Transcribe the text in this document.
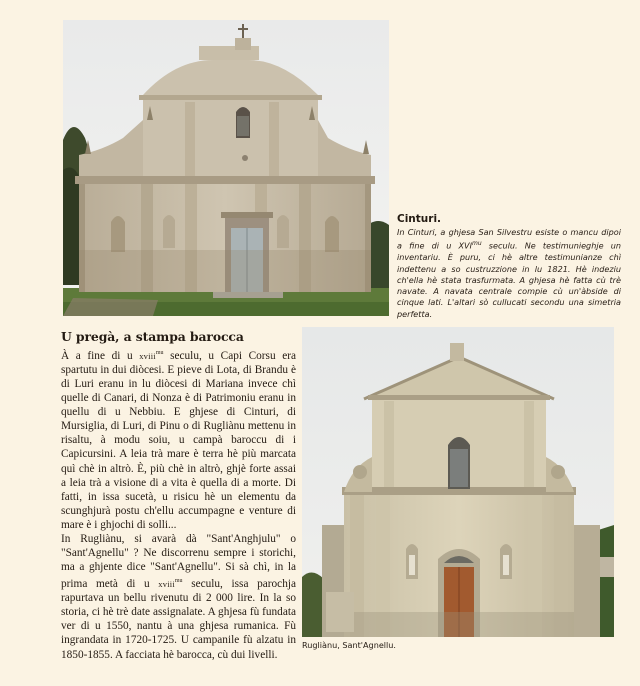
Cinturi.
In Cinturi, a ghjesa San Silvestru esiste o mancu dipoi a fine di u $XVI^{mu}$ seculu. Ne testimunieghje un inventariu. È puru, ci hè altre testimunianze chì indettenu a so custruzzione in lu 1821. Hè indeziu ch'ella hè stata trasfurmata. A ghjesa hè fatta cù trè navate. A navata centrale compie cù un'àbside di cinque lati. L'altari sò cullucati secondu una simetria perfetta.
U pregà, a stampa barocca

À a fine di u xviii$^{mu}$ seculu, u Capi Corsu era spartutu in dui diòcesi. E pieve di Lota, di Brandu è di Luri eranu in lu diòcesi di Mariana invece chì quelle di Canari, di Nonza è di Patrimoniu eranu in quellu di u Nebbiu. E ghjese di Cinturi, di Mursiglia, di Luri, di Pinu o di Rugliànu mettenu in risaltu, à modu soiu, u campà baroccu di i Capicursini. A leia trà mare è terra hè più marcata quì chè in altrò. È, più chè in altrò, ghjè forte assai a leia trà a visione di a vita è quella di a morte. Di fatti, in issa sucetà, u risicu hè un elementu da scunghjurà postu ch'ellu accumpagne e venture di mare è i ghjochi di solli...

In Rugliànu, si avarà dà "Sant'Anghjulu" o "Sant'Agnellu" ? Ne discorrenu sempre i storichi, ma a ghjente dice "Sant'Agnellu". Si sà chì, in la prima metà di u xviii$^{mu}$ seculu, issa parochja rapurtava un bellu rivenutu di 2 000 lire. In la so storia, ci hè trè date assignalate. A ghjesa fù fundata ver di u 1550, nantu à una ghjesa rumanica. Fù ingrandata in 1720-1725. U campanile fù alzatu in 1850-1855. A facciata hè barocca, cù dui livelli.

Rugliànu, Sant'Agnellu.
